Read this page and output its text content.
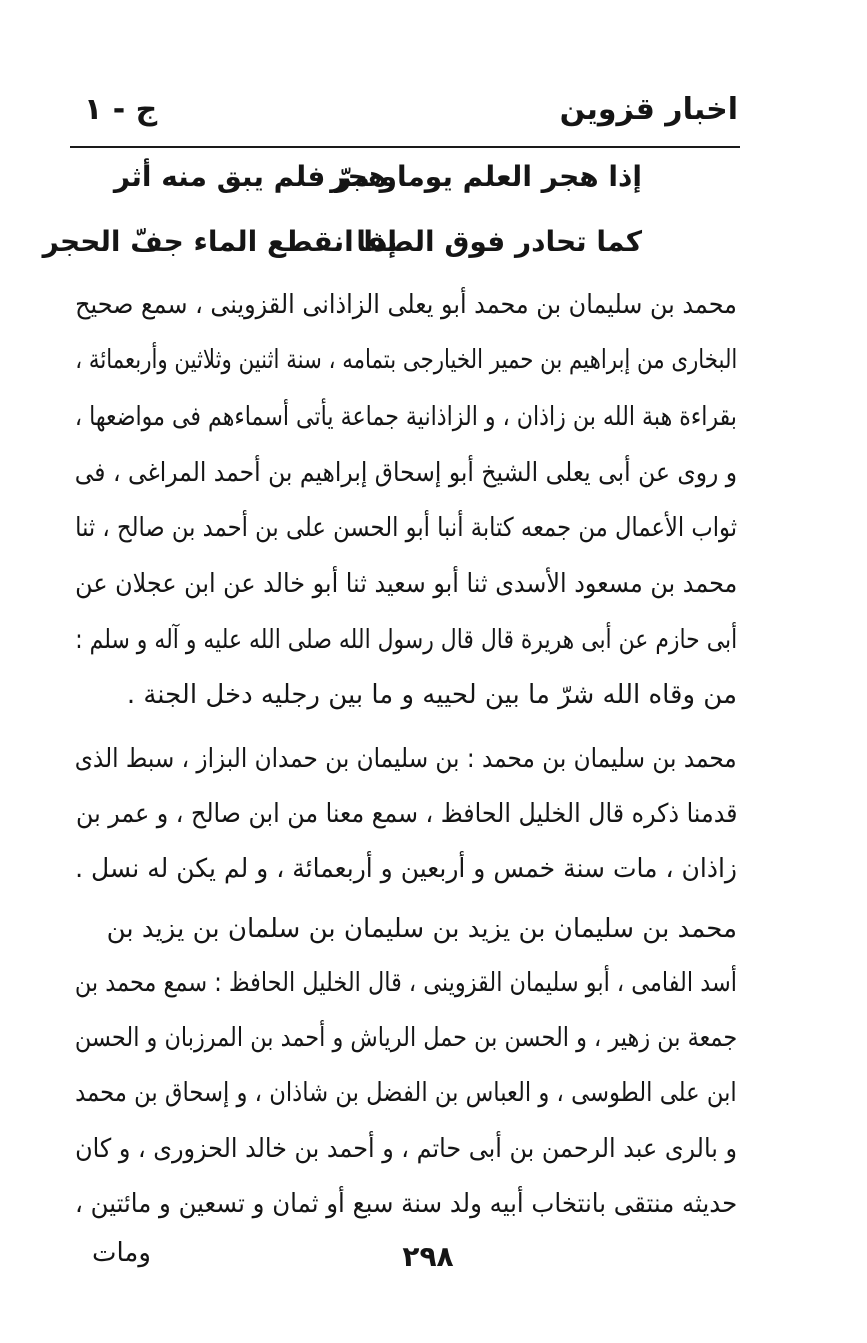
اخبار قزوين
ج - ١
إذا هجر العلم يوما هجر
و مرّ فلم يبق منه أثر
كما تحادر فوق الصفا
إذا انقطع الماء جفّ الحجر
محمد بن سليمان بن محمد أبو يعلى الزاذانى القزوينى ، سمع صحيح
البخارى من إبراهيم بن حمير الخيارجى بتمامه ، سنة اثنين وثلاثين وأربعمائة ،
بقراءة هبة الله بن زاذان ، و الزاذانية جماعة يأتى أسماءهم فى مواضعها ،
و روى عن أبى يعلى الشيخ أبو إسحاق إبراهيم بن أحمد المراغى ، فى
ثواب الأعمال من جمعه كتابة أنبا أبو الحسن على بن أحمد بن صالح ، ثنا
محمد بن مسعود الأسدى ثنا أبو سعيد ثنا أبو خالد عن ابن عجلان عن
أبى حازم عن أبى هريرة قال قال رسول الله صلى الله عليه و آله و سلم :
من وقاه الله شرّ ما بين لحييه و ما بين رجليه دخل الجنة .
محمد بن سليمان بن محمد : بن سليمان بن حمدان البزاز ، سبط الذى
قدمنا ذكره قال الخليل الحافظ ، سمع معنا من ابن صالح ، و عمر بن
زاذان ، مات سنة خمس و أربعين و أربعمائة ، و لم يكن له نسل .
محمد بن سليمان بن يزيد بن سليمان بن سلمان بن يزيد بن
أسد الفامى ، أبو سليمان القزوينى ، قال الخليل الحافظ : سمع محمد بن
جمعة بن زهير ، و الحسن بن حمل الرياش و أحمد بن المرزبان و الحسن
ابن على الطوسى ، و العباس بن الفضل بن شاذان ، و إسحاق بن محمد
و بالرى عبد الرحمن بن أبى حاتم ، و أحمد بن خالد الحزورى ، و كان
حديثه منتقى بانتخاب أبيه ولد سنة سبع أو ثمان و تسعين و مائتين ،
٢٩٨
ومات
